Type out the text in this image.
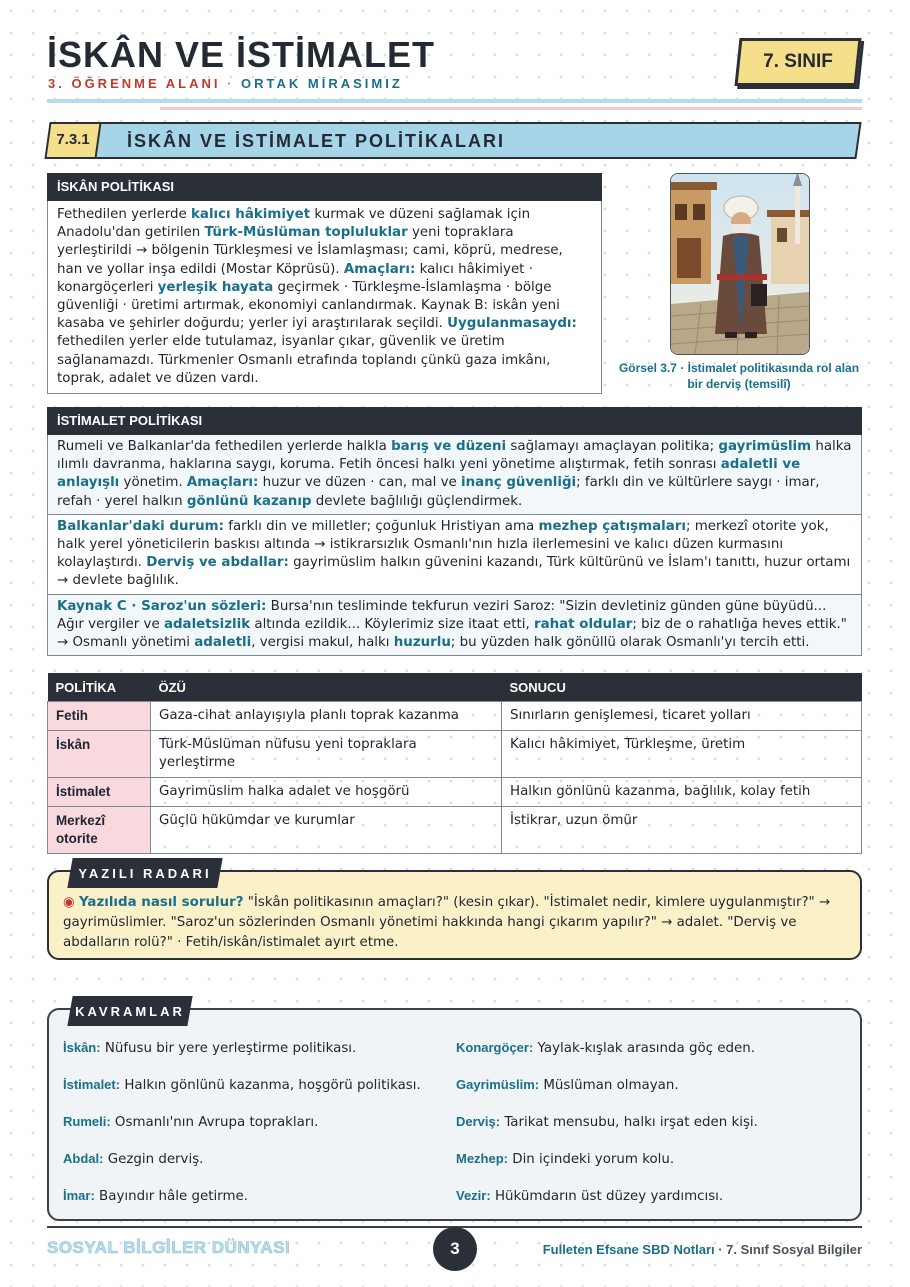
İSKÂN VE İSTİMALET
3. ÖĞRENME ALANI · ORTAK MİRASIMIZ
7. SINIF
7.3.1	İSKÂN VE İSTİMALET POLİTİKALARI
İSKÂN POLİTİKASI
Fethedilen yerlerde kalıcı hâkimiyet kurmak ve düzeni sağlamak için Anadolu'dan getirilen Türk-Müslüman topluluklar yeni topraklara yerleştirildi → bölgenin Türkleşmesi ve İslamlaşması; cami, köprü, medrese, han ve yollar inşa edildi (Mostar Köprüsü). Amaçları: kalıcı hâkimiyet · konargöçerleri yerleşik hayata geçirmek · Türkleşme-İslamlaşma · bölge güvenliği · üretimi artırmak, ekonomiyi canlandırmak. Kaynak B: iskân yeni kasaba ve şehirler doğurdu; yerler iyi araştırılarak seçildi. Uygulanmasaydı: fethedilen yerler elde tutulamaz, isyanlar çıkar, güvenlik ve üretim sağlanamazdı. Türkmenler Osmanlı etrafında toplandı çünkü gaza imkânı, toprak, adalet ve düzen vardı.
Görsel 3.7 · İstimalet politikasında rol alan bir derviş (temsilî)
İSTİMALET POLİTİKASI
Rumeli ve Balkanlar'da fethedilen yerlerde halkla barış ve düzeni sağlamayı amaçlayan politika; gayrimüslim halka ılımlı davranma, haklarına saygı, koruma. Fetih öncesi halkı yeni yönetime alıştırmak, fetih sonrası adaletli ve anlayışlı yönetim. Amaçları: huzur ve düzen · can, mal ve inanç güvenliği; farklı din ve kültürlere saygı · imar, refah · yerel halkın gönlünü kazanıp devlete bağlılığı güçlendirmek.
Balkanlar'daki durum: farklı din ve milletler; çoğunluk Hristiyan ama mezhep çatışmaları; merkezî otorite yok, halk yerel yöneticilerin baskısı altında → istikrarsızlık Osmanlı'nın hızla ilerlemesini ve kalıcı düzen kurmasını kolaylaştırdı. Derviş ve abdallar: gayrimüslim halkın güvenini kazandı, Türk kültürünü ve İslam'ı tanıttı, huzur ortamı → devlete bağlılık.
Kaynak C · Saroz'un sözleri: Bursa'nın tesliminde tekfurun veziri Saroz: "Sizin devletiniz günden güne büyüdü... Ağır vergiler ve adaletsizlik altında ezildik... Köylerimiz size itaat etti, rahat oldular; biz de o rahatlığa heves ettik." → Osmanlı yönetimi adaletli, vergisi makul, halkı huzurlu; bu yüzden halk gönüllü olarak Osmanlı'yı tercih etti.
POLİTİKA	ÖZÜ	SONUCU
Fetih	Gaza-cihat anlayışıyla planlı toprak kazanma	Sınırların genişlemesi, ticaret yolları
İskân	Türk-Müslüman nüfusu yeni topraklara yerleştirme	Kalıcı hâkimiyet, Türkleşme, üretim
İstimalet	Gayrimüslim halka adalet ve hoşgörü	Halkın gönlünü kazanma, bağlılık, kolay fetih
Merkezî otorite	Güçlü hükümdar ve kurumlar	İstikrar, uzun ömür
YAZILI RADARI
◉ Yazılıda nasıl sorulur? "İskân politikasının amaçları?" (kesin çıkar). "İstimalet nedir, kimlere uygulanmıştır?" → gayrimüslimler. "Saroz'un sözlerinden Osmanlı yönetimi hakkında hangi çıkarım yapılır?" → adalet. "Derviş ve abdalların rolü?" · Fetih/iskân/istimalet ayırt etme.
KAVRAMLAR
İskân: Nüfusu bir yere yerleştirme politikası.
İstimalet: Halkın gönlünü kazanma, hoşgörü politikası.
Rumeli: Osmanlı'nın Avrupa toprakları.
Abdal: Gezgin derviş.
İmar: Bayındır hâle getirme.
Konargöçer: Yaylak-kışlak arasında göç eden.
Gayrimüslim: Müslüman olmayan.
Derviş: Tarikat mensubu, halkı irşat eden kişi.
Mezhep: Din içindeki yorum kolu.
Vezir: Hükümdarın üst düzey yardımcısı.
SOSYAL BİLGİLER DÜNYASI	3	Fulleten Efsane SBD Notları · 7. Sınıf Sosyal Bilgiler
